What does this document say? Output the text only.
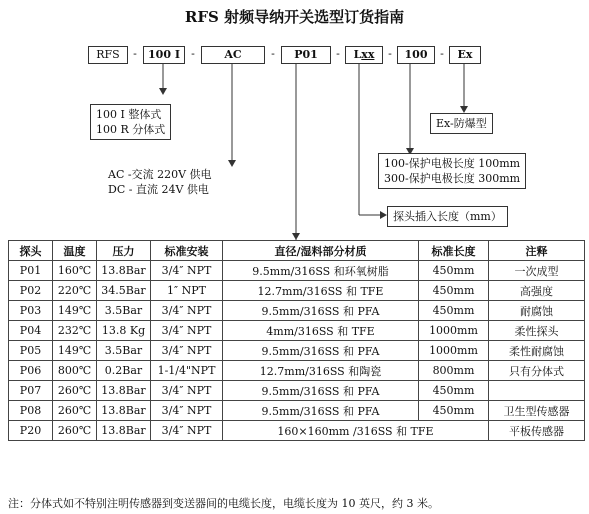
RFS 射频导纳开关选型订货指南
RFS	-	100 I	-	AC	-	P01	-	Lxx	-	100	-	Ex
100 I 整体式
100 R 分体式
AC -交流 220V 供电
DC - 直流 24V 供电
Ex-防爆型
100-保护电极长度 100mm
300-保护电极长度 300mm
探头插入长度（mm）
探头	温度	压力	标准安装	直径/湿料部分材质	标准长度	注释
P01	160℃	13.8Bar	3/4″ NPT	9.5mm/316SS 和环氧树脂	450mm	一次成型
P02	220℃	34.5Bar	1″ NPT	12.7mm/316SS 和 TFE	450mm	高强度
P03	149℃	3.5Bar	3/4″ NPT	9.5mm/316SS 和 PFA	450mm	耐腐蚀
P04	232℃	13.8 Kg	3/4″ NPT	4mm/316SS 和 TFE	1000mm	柔性探头
P05	149℃	3.5Bar	3/4″ NPT	9.5mm/316SS 和 PFA	1000mm	柔性耐腐蚀
P06	800℃	0.2Bar	1-1/4"NPT	12.7mm/316SS 和陶瓷	800mm	只有分体式
P07	260℃	13.8Bar	3/4″ NPT	9.5mm/316SS 和 PFA	450mm	
P08	260℃	13.8Bar	3/4″ NPT	9.5mm/316SS 和 PFA	450mm	卫生型传感器
P20	260℃	13.8Bar	3/4″ NPT	160×160mm /316SS 和 TFE		平板传感器
注：分体式如不特别注明传感器到变送器间的电缆长度，电缆长度为 10 英尺，约 3 米。
